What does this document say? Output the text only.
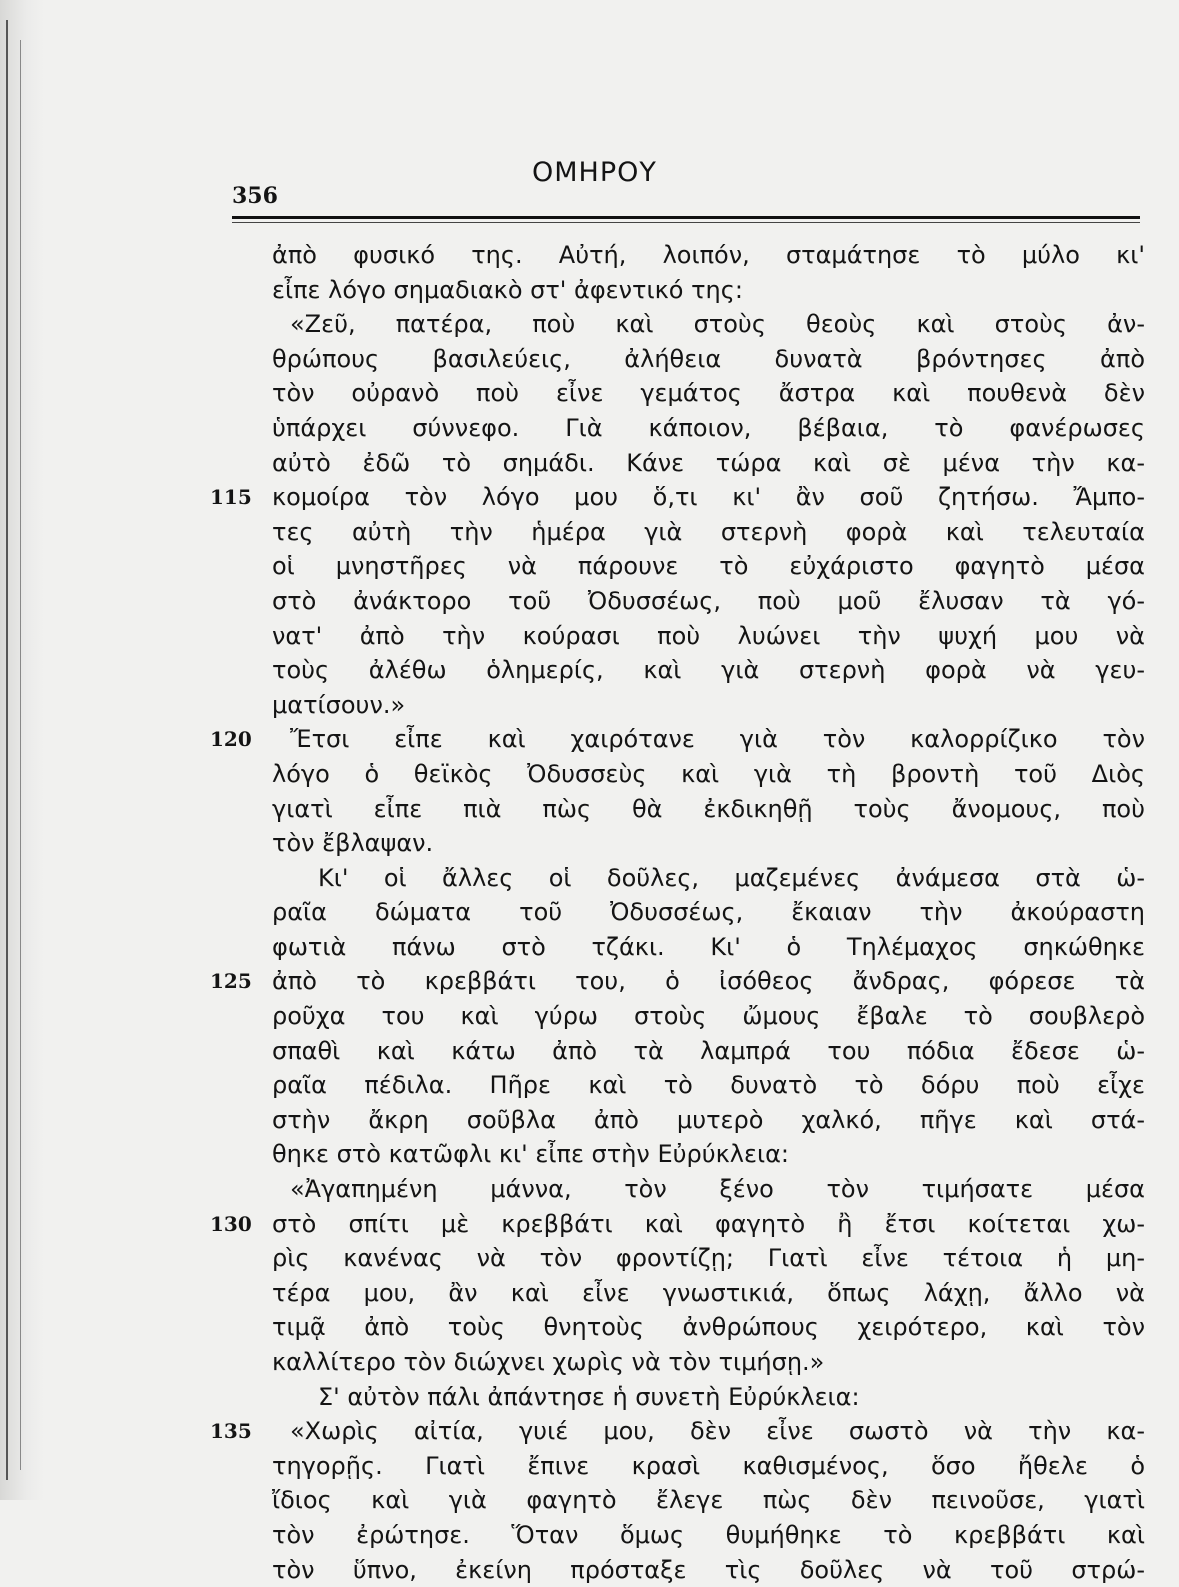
356
ΟΜΗΡΟΥ
ἀπὸ φυσικό της. Αὐτή, λοιπόν, σταμάτησε τὸ μύλο κι'
εἶπε λόγο σημαδιακὸ στ' ἀφεντικό της:
«Ζεῦ, πατέρα, ποὺ καὶ στοὺς θεοὺς καὶ στοὺς ἀν-
θρώπους βασιλεύεις, ἀλήθεια δυνατὰ βρόντησες ἀπὸ
τὸν οὐρανὸ ποὺ εἶνε γεμάτος ἄστρα καὶ πουθενὰ δὲν
ὑπάρχει σύννεφο. Γιὰ κάποιον, βέβαια, τὸ φανέρωσες
αὐτὸ ἐδῶ τὸ σημάδι. Κάνε τώρα καὶ σὲ μένα τὴν κα-
115 κομοίρα τὸν λόγο μου ὅ,τι κι' ἂν σοῦ ζητήσω. Ἄμπο-
τες αὐτὴ τὴν ἡμέρα γιὰ στερνὴ φορὰ καὶ τελευταία
οἱ μνηστῆρες νὰ πάρουνε τὸ εὐχάριστο φαγητὸ μέσα
στὸ ἀνάκτορο τοῦ Ὀδυσσέως, ποὺ μοῦ ἔλυσαν τὰ γό-
νατ' ἀπὸ τὴν κούρασι ποὺ λυώνει τὴν ψυχή μου νὰ
τοὺς ἀλέθω ὁλημερίς, καὶ γιὰ στερνὴ φορὰ νὰ γευ-
ματίσουν.»
120	Ἔτσι εἶπε καὶ χαιρότανε γιὰ τὸν καλορρίζικο τὸν
λόγο ὁ θεϊκὸς Ὀδυσσεὺς καὶ γιὰ τὴ βροντὴ τοῦ Διὸς
γιατὶ εἶπε πιὰ πὼς θὰ ἐκδικηθῇ τοὺς ἄνομους, ποὺ
τὸν ἔβλαψαν.
Κι' οἱ ἄλλες οἱ δοῦλες, μαζεμένες ἀνάμεσα στὰ ὡ-
ραῖα δώματα τοῦ Ὀδυσσέως, ἔκαιαν τὴν ἀκούραστη
φωτιὰ πάνω στὸ τζάκι. Κι' ὁ Τηλέμαχος σηκώθηκε
125 ἀπὸ τὸ κρεββάτι του, ὁ ἰσόθεος ἄνδρας, φόρεσε τὰ
ροῦχα του καὶ γύρω στοὺς ὤμους ἔβαλε τὸ σουβλερὸ
σπαθὶ καὶ κάτω ἀπὸ τὰ λαμπρά του πόδια ἔδεσε ὡ-
ραῖα πέδιλα. Πῆρε καὶ τὸ δυνατὸ τὸ δόρυ ποὺ εἶχε
στὴν ἄκρη σοῦβλα ἀπὸ μυτερὸ χαλκό, πῆγε καὶ στά-
θηκε στὸ κατῶφλι κι' εἶπε στὴν Εὐρύκλεια:
«Ἀγαπημένη μάννα, τὸν ξένο τὸν τιμήσατε μέσα
130 στὸ σπίτι μὲ κρεββάτι καὶ φαγητὸ ἢ ἔτσι κοίτεται χω-
ρὶς κανένας νὰ τὸν φροντίζῃ; Γιατὶ εἶνε τέτοια ἡ μη-
τέρα μου, ἂν καὶ εἶνε γνωστικιά, ὅπως λάχῃ, ἄλλο νὰ
τιμᾷ ἀπὸ τοὺς θνητοὺς ἀνθρώπους χειρότερο, καὶ τὸν
καλλίτερο τὸν διώχνει χωρὶς νὰ τὸν τιμήσῃ.»
Σ' αὐτὸν πάλι ἀπάντησε ἡ συνετὴ Εὐρύκλεια:
135	«Χωρὶς αἰτία, γυιέ μου, δὲν εἶνε σωστὸ νὰ τὴν κα-
τηγορῇς. Γιατὶ ἔπινε κρασὶ καθισμένος, ὅσο ἤθελε ὁ
ἴδιος καὶ γιὰ φαγητὸ ἔλεγε πὼς δὲν πεινοῦσε, γιατὶ
τὸν ἐρώτησε. Ὅταν ὅμως θυμήθηκε τὸ κρεββάτι καὶ
τὸν ὕπνο, ἐκείνη πρόσταξε τὶς δοῦλες νὰ τοῦ στρώ-
